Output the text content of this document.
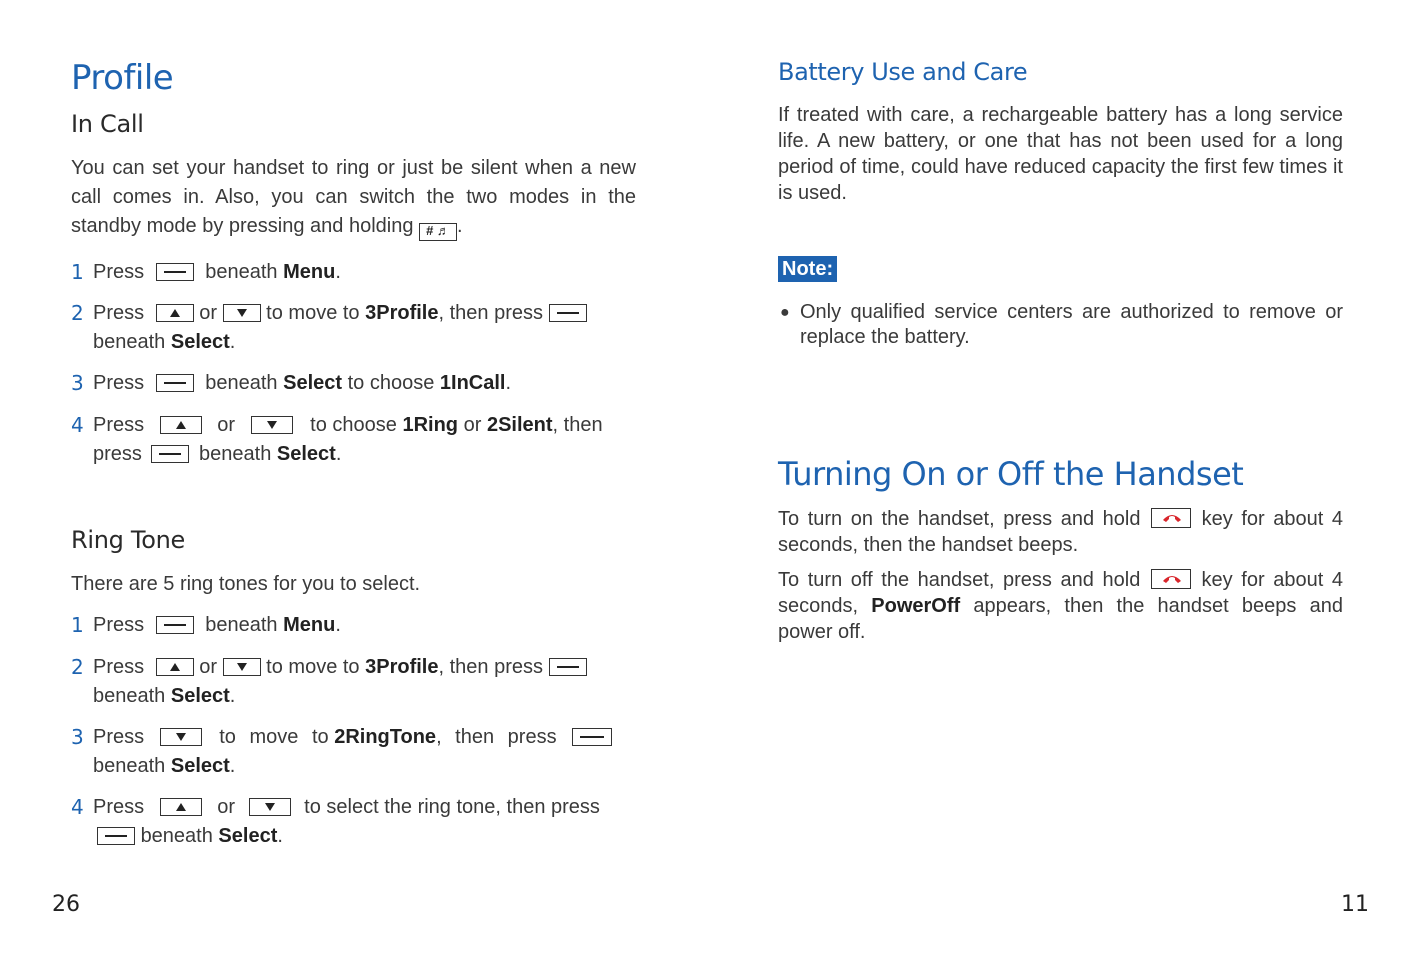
Profile
In Call

You can set your handset to ring or just be silent when a new call comes in. Also, you can switch the two modes in the standby mode by pressing and holding # ♬ .

1 Press	beneath Menu.
2 Press	or to move to 3Profile, then press
beneath Select.
3 Press	beneath Select to choose 1InCall.
4 Press	or	to choose 1Ring or 2Silent, then
press	beneath Select.
Ring Tone

There are 5 ring tones for you to select.

1 Press	beneath Menu.
2 Press	or to move to 3Profile, then press
beneath Select.
3 Press	to move to 2RingTone, then press
beneath Select.
4 Press	or	to select the ring tone, then press
beneath Select.
26
Battery Use and Care

If treated with care, a rechargeable battery has a long service life. A new battery, or one that has not been used for a long period of time, could have reduced capacity the first few times it is used.

Note:
● Only qualified service centers are authorized to remove or replace the battery.
Turning On or Off the Handset

To turn on the handset, press and hold	key for about 4 seconds, then the handset beeps.

To turn off the handset, press and hold	key for about 4 seconds, PowerOff appears, then the handset beeps and power off.

11
